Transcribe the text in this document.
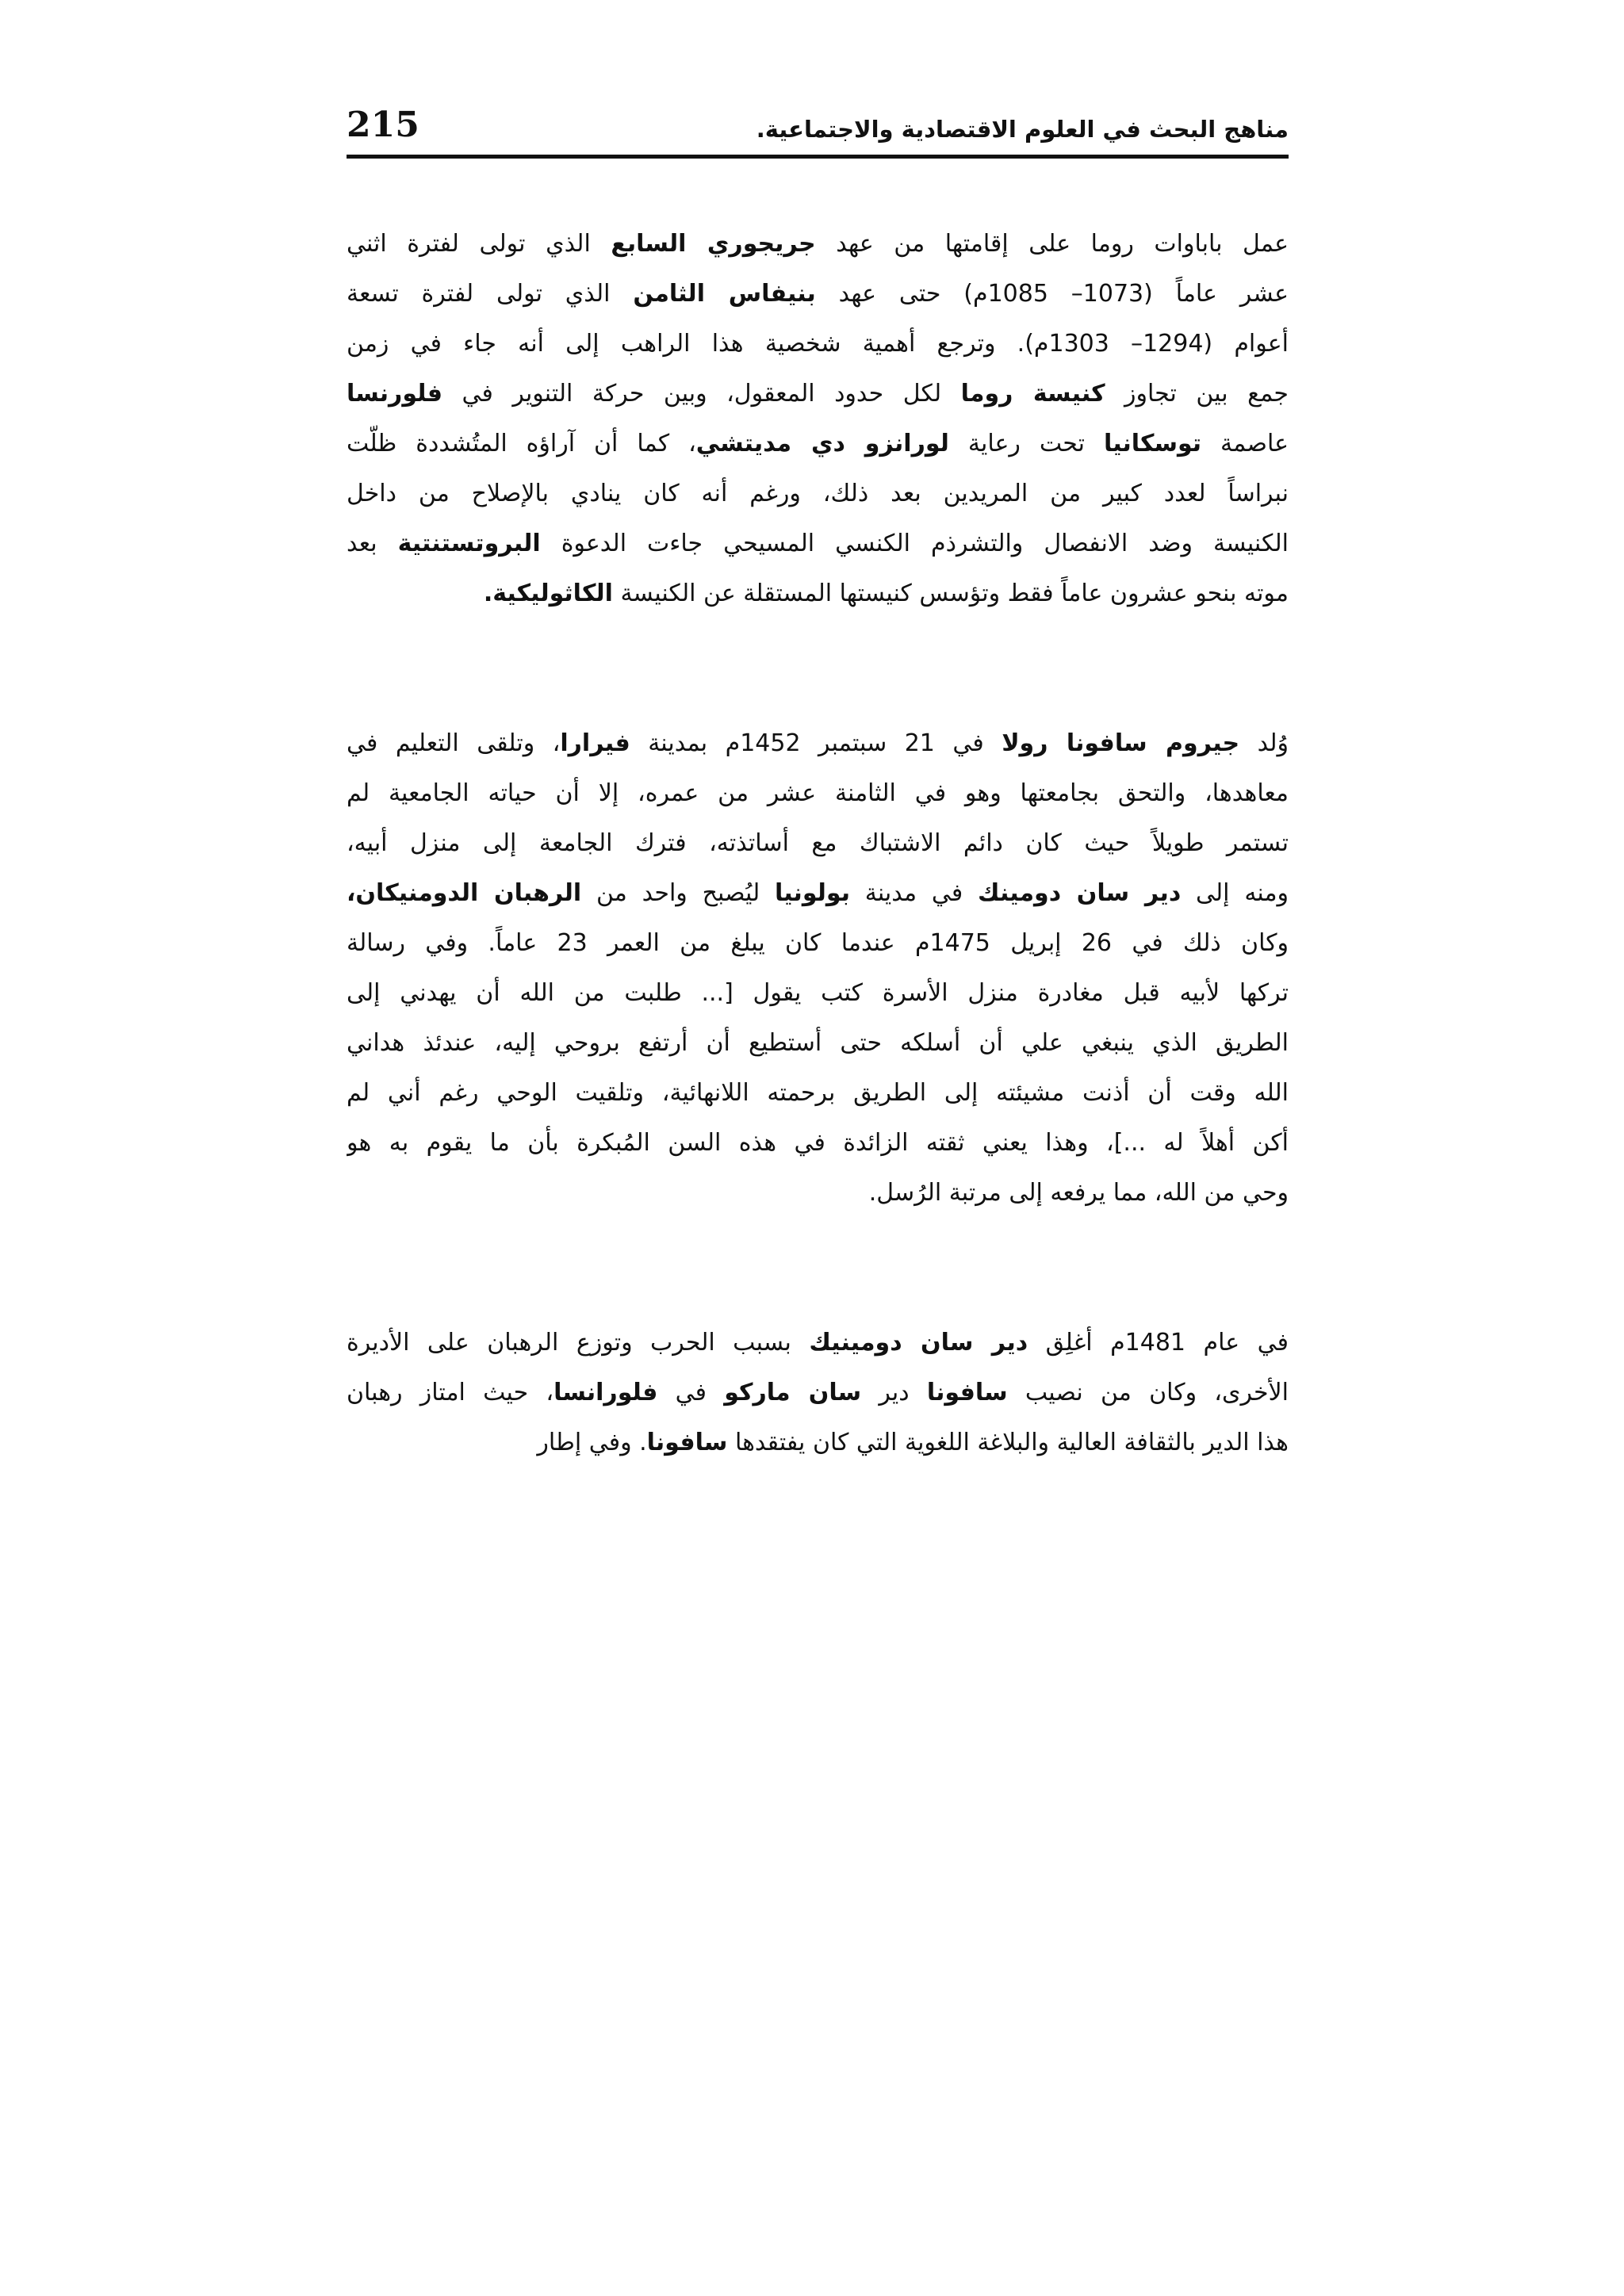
215	مناهج البحث في العلوم الاقتصادية والاجتماعية.
عمل باباوات روما على إقامتها من عهد جريجوري السابع الذي تولى لفترة اثني
عشر عاماً (1073– 1085م) حتى عهد بنيفاس الثامن الذي تولى لفترة تسعة
أعوام (1294– 1303م). وترجع أهمية شخصية هذا الراهب إلى أنه جاء في زمن
جمع بين تجاوز كنيسة روما لكل حدود المعقول، وبين حركة التنوير في فلورنسا
عاصمة توسكانيا تحت رعاية لورانزو دي مديتشي، كما أن آراؤه المتُشددة ظلّت
نبراساً لعدد كبير من المريدين بعد ذلك، ورغم أنه كان ينادي بالإصلاح من داخل
الكنيسة وضد الانفصال والتشرذم الكنسي المسيحي جاءت الدعوة البروتستنتية بعد
موته بنحو عشرون عاماً فقط وتؤسس كنيستها المستقلة عن الكنيسة الكاثوليكية.
وُلد جيروم سافونا رولا في 21 سبتمبر 1452م بمدينة فيرارا، وتلقى التعليم في
معاهدها، والتحق بجامعتها وهو في الثامنة عشر من عمره، إلا أن حياته الجامعية لم
تستمر طويلاً حيث كان دائم الاشتباك مع أساتذته، فترك الجامعة إلى منزل أبيه،
ومنه إلى دير سان دومينك في مدينة بولونيا ليُصبح واحد من الرهبان الدومنيكان،
وكان ذلك في 26 إبريل 1475م عندما كان يبلغ من العمر 23 عاماً. وفي رسالة
تركها لأبيه قبل مغادرة منزل الأسرة كتب يقول [... طلبت من الله أن يهدني إلى
الطريق الذي ينبغي علي أن أسلكه حتى أستطيع أن أرتفع بروحي إليه، عندئذ هداني
الله وقت أن أذنت مشيئته إلى الطريق برحمته اللانهائية، وتلقيت الوحي رغم أني لم
أكن أهلاً له ...]، وهذا يعني ثقته الزائدة في هذه السن المُبكرة بأن ما يقوم به هو
وحي من الله، مما يرفعه إلى مرتبة الرُسل.
في عام 1481م أغلِق دير سان دومينيك بسبب الحرب وتوزع الرهبان على الأديرة
الأخرى، وكان من نصيب سافونا دير سان ماركو في فلورانسا، حيث امتاز رهبان
هذا الدير بالثقافة العالية والبلاغة اللغوية التي كان يفتقدها سافونا. وفي إطار
